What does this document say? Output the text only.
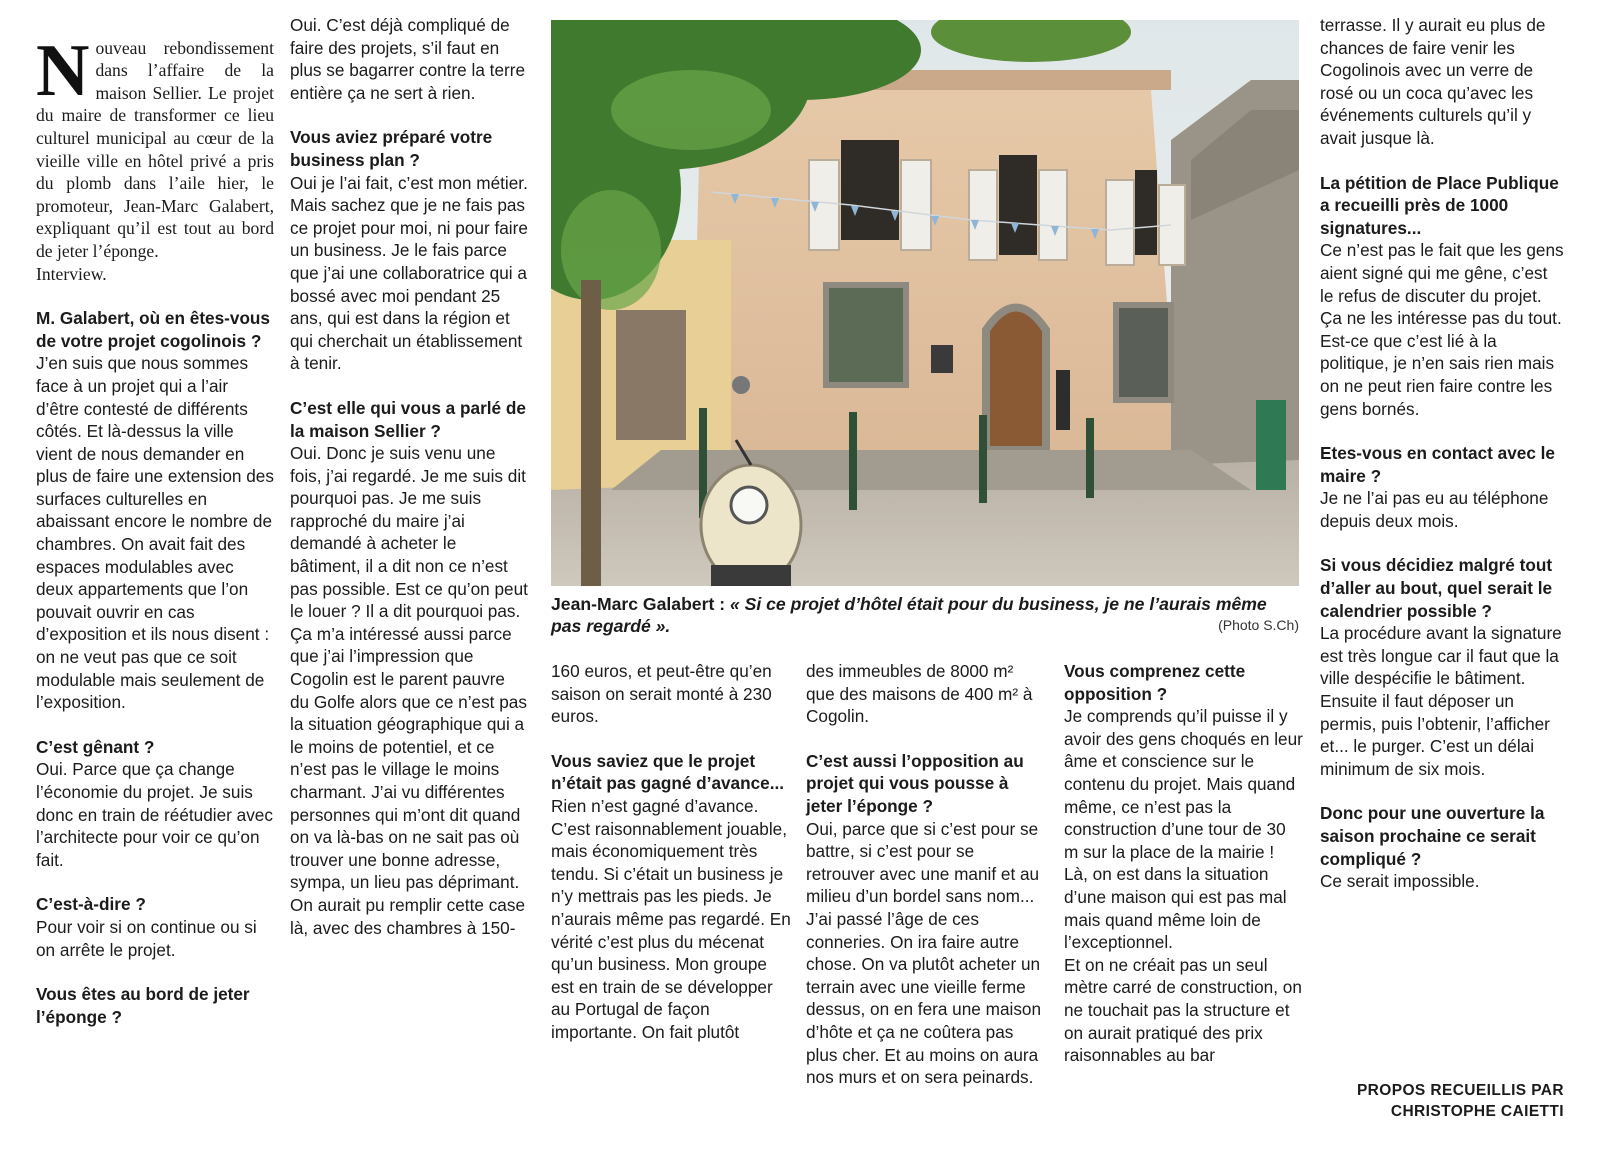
Nouveau rebondissement dans l’affaire de la maison Sellier. Le projet du maire de transformer ce lieu culturel municipal au cœur de la vieille ville en hôtel privé a pris du plomb dans l’aile hier, le promoteur, Jean-Marc Galabert, expliquant qu’il est tout au bord de jeter l’éponge.

Interview.

M. Galabert, où en êtes-vous de votre projet cogolinois ?

J’en suis que nous sommes face à un projet qui a l’air d’être contesté de différents côtés. Et là-dessus la ville vient de nous demander en plus de faire une extension des surfaces culturelles en abaissant encore le nombre de chambres. On avait fait des espaces modulables avec deux appartements que l’on pouvait ouvrir en cas d’exposition et ils nous disent : on ne veut pas que ce soit modulable mais seulement de l’exposition.

C’est gênant ?

Oui. Parce que ça change l’économie du projet. Je suis donc en train de réétudier avec l’architecte pour voir ce qu’on fait.

C’est-à-dire ?

Pour voir si on continue ou si on arrête le projet.

Vous êtes au bord de jeter l’éponge ?

Oui. C’est déjà compliqué de faire des projets, s’il faut en plus se bagarrer contre la terre entière ça ne sert à rien.

Vous aviez préparé votre business plan ?

Oui je l’ai fait, c’est mon métier. Mais sachez que je ne fais pas ce projet pour moi, ni pour faire un business. Je le fais parce que j’ai une collaboratrice qui a bossé avec moi pendant 25 ans, qui est dans la région et qui cherchait un établissement à tenir.

C’est elle qui vous a parlé de la maison Sellier ?

Oui. Donc je suis venu une fois, j’ai regardé. Je me suis dit pourquoi pas. Je me suis rapproché du maire j’ai demandé à acheter le bâtiment, il a dit non ce n’est pas possible. Est ce qu’on peut le louer ? Il a dit pourquoi pas. Ça m’a intéressé aussi parce que j’ai l’impression que Cogolin est le parent pauvre du Golfe alors que ce n’est pas la situation géographique qui a le moins de potentiel, et ce n’est pas le village le moins charmant. J’ai vu différentes personnes qui m’ont dit quand on va là-bas on ne sait pas où trouver une bonne adresse, sympa, un lieu pas déprimant. On aurait pu remplir cette case là, avec des chambres à 150-

Jean-Marc Galabert : « Si ce projet d’hôtel était pour du business, je ne l’aurais même pas regardé ».	(Photo S.Ch)

160 euros, et peut-être qu’en saison on serait monté à 230 euros.

Vous saviez que le projet n’était pas gagné d’avance...

Rien n’est gagné d’avance. C’est raisonnablement jouable, mais économiquement très tendu. Si c’était un business je n’y mettrais pas les pieds. Je n’aurais même pas regardé. En vérité c’est plus du mécenat qu’un business. Mon groupe est en train de se développer au Portugal de façon importante. On fait plutôt

des immeubles de 8000 m² que des maisons de 400 m² à Cogolin.

C’est aussi l’opposition au projet qui vous pousse à jeter l’éponge ?

Oui, parce que si c’est pour se battre, si c’est pour se retrouver avec une manif et au milieu d’un bordel sans nom... J’ai passé l’âge de ces conneries. On ira faire autre chose. On va plutôt acheter un terrain avec une vieille ferme dessus, on en fera une maison d’hôte et ça ne coûtera pas plus cher. Et au moins on aura nos murs et on sera peinards.

Vous comprenez cette opposition ?

Je comprends qu’il puisse il y avoir des gens choqués en leur âme et conscience sur le contenu du projet. Mais quand même, ce n’est pas la construction d’une tour de 30 m sur la place de la mairie !

Là, on est dans la situation d’une maison qui est pas mal mais quand même loin de l’exceptionnel.

Et on ne créait pas un seul mètre carré de construction, on ne touchait pas la structure et on aurait pratiqué des prix raisonnables au bar

terrasse. Il y aurait eu plus de chances de faire venir les Cogolinois avec un verre de rosé ou un coca qu’avec les événements culturels qu’il y avait jusque là.

La pétition de Place Publique a recueilli près de 1000 signatures...

Ce n’est pas le fait que les gens aient signé qui me gêne, c’est le refus de discuter du projet. Ça ne les intéresse pas du tout. Est-ce que c’est lié à la politique, je n’en sais rien mais on ne peut rien faire contre les gens bornés.

Etes-vous en contact avec le maire ?

Je ne l’ai pas eu au téléphone depuis deux mois.

Si vous décidiez malgré tout d’aller au bout, quel serait le calendrier possible ?

La procédure avant la signature est très longue car il faut que la ville despécifie le bâtiment. Ensuite il faut déposer un permis, puis l’obtenir, l’afficher et... le purger. C’est un délai minimum de six mois.

Donc pour une ouverture la saison prochaine ce serait compliqué ?

Ce serait impossible.

PROPOS RECUEILLIS PAR
CHRISTOPHE CAIETTI
